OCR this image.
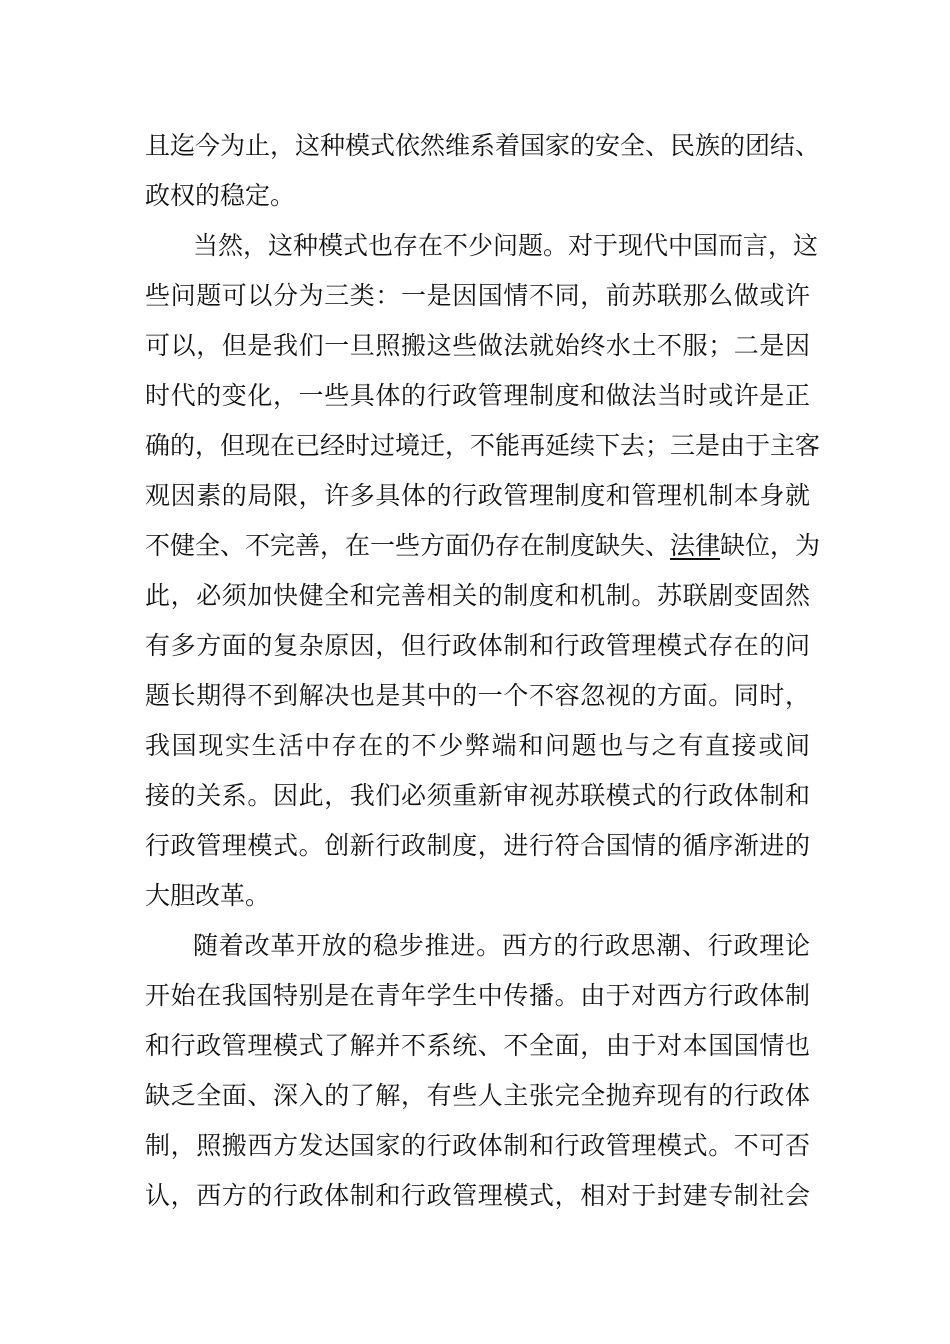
且迄今为止，这种模式依然维系着国家的安全、民族的团结、
政权的稳定。
当然，这种模式也存在不少问题。对于现代中国而言，这
些问题可以分为三类：一是因国情不同，前苏联那么做或许
可以，但是我们一旦照搬这些做法就始终水土不服；二是因
时代的变化，一些具体的行政管理制度和做法当时或许是正
确的，但现在已经时过境迁，不能再延续下去；三是由于主客
观因素的局限，许多具体的行政管理制度和管理机制本身就
不健全、不完善，在一些方面仍存在制度缺失、法律缺位，为
此，必须加快健全和完善相关的制度和机制。苏联剧变固然
有多方面的复杂原因，但行政体制和行政管理模式存在的问
题长期得不到解决也是其中的一个不容忽视的方面。同时，
我国现实生活中存在的不少弊端和问题也与之有直接或间
接的关系。因此，我们必须重新审视苏联模式的行政体制和
行政管理模式。创新行政制度，进行符合国情的循序渐进的
大胆改革。
随着改革开放的稳步推进。西方的行政思潮、行政理论
开始在我国特别是在青年学生中传播。由于对西方行政体制
和行政管理模式了解并不系统、不全面，由于对本国国情也
缺乏全面、深入的了解，有些人主张完全抛弃现有的行政体
制，照搬西方发达国家的行政体制和行政管理模式。不可否
认，西方的行政体制和行政管理模式，相对于封建专制社会
